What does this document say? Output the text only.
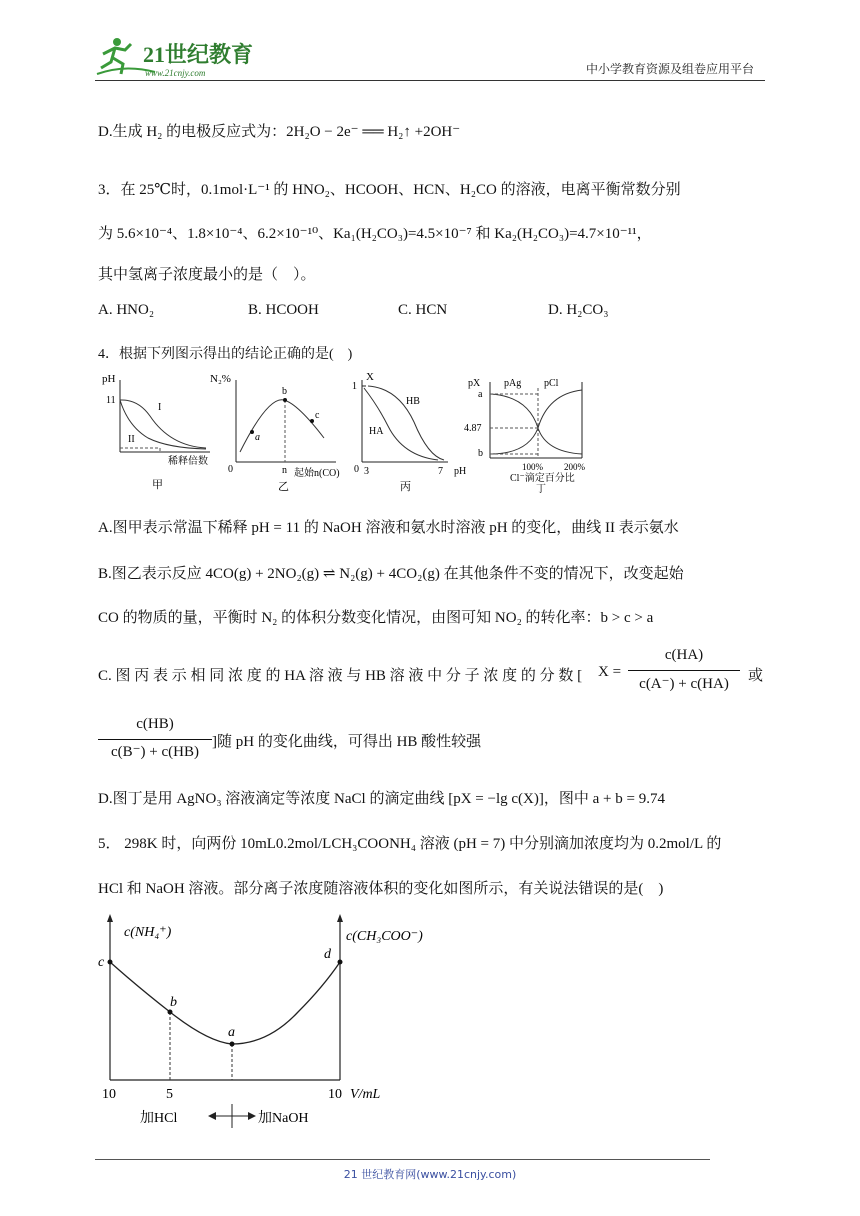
21世纪教育
www.21cnjy.com	中小学教育资源及组卷应用平台
D.生成 H₂ 的电极反应式为：2H₂O − 2e⁻ ══ H₂↑ +2OH⁻
3．在 25℃时，0.1mol·L⁻¹ 的 HNO₂、HCOOH、HCN、H₂CO 的溶液，电离平衡常数分别
为 5.6×10⁻⁴、1.8×10⁻⁴、6.2×10⁻¹⁰、Ka₁(H₂CO₃)=4.5×10⁻⁷ 和 Ka₂(H₂CO₃)=4.7×10⁻¹¹，
其中氢离子浓度最小的是（　）。
A. HNO₂	B. HCOOH	C. HCN	D. H₂CO₃
4．根据下列图示得出的结论正确的是(　)
pH
11
I
II
稀释倍数
甲
N₂%
0
a
b
c
n 起始n(CO)
乙
X
1
0 3	7 pH
HB
HA
丙
pX pAg pCl
a
4.87
b
100% 200%
Cl⁻滴定百分比
丁
A.图甲表示常温下稀释 pH = 11 的 NaOH 溶液和氨水时溶液 pH 的变化，曲线 II 表示氨水
B.图乙表示反应 4CO(g) + 2NO₂(g) ⇌ N₂(g) + 4CO₂(g) 在其他条件不变的情况下，改变起始
CO 的物质的量，平衡时 N₂ 的体积分数变化情况，由图可知 NO₂ 的转化率：b > c > a
C. 图 丙 表 示 相 同 浓 度 的 HA 溶 液 与 HB 溶 液 中 分 子 浓 度 的 分 数 [ X =
c(HA)
c(A⁻) + c(HA)	或
c(HB)
c(B⁻) + c(HB)
]随 pH 的变化曲线，可得出 HB 酸性较强
D.图丁是用 AgNO₃ 溶液滴定等浓度 NaCl 的滴定曲线 [pX = −lg c(X)]，图中 a + b = 9.74
5． 298K 时，向两份 10mL0.2mol/LCH₃COONH₄ 溶液 (pH = 7) 中分别滴加浓度均为 0.2mol/L 的
HCl 和 NaOH 溶液。部分离子浓度随溶液体积的变化如图所示，有关说法错误的是(　)
c(NH₄⁺)	c(CH₃COO⁻)
c
b
a
d
10	5	10 V/mL
加HCl	加NaOH
21 世纪教育网(www.21cnjy.com)
